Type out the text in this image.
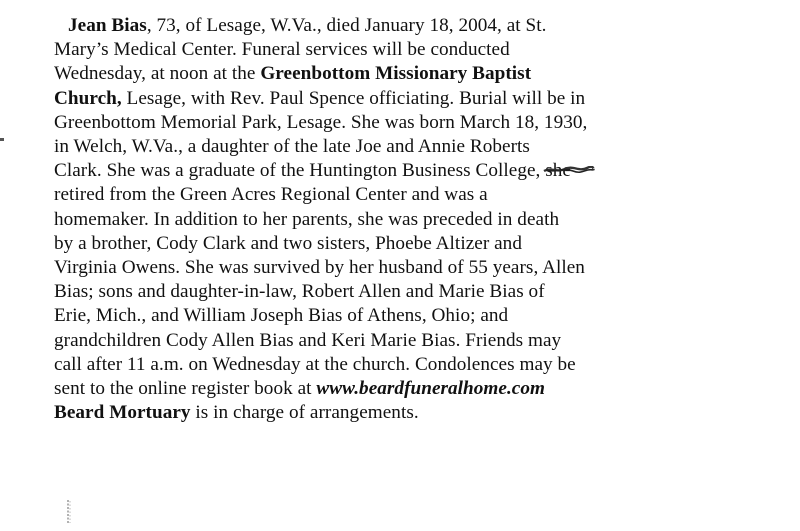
Jean Bias, 73, of Lesage, W.Va., died January 18, 2004, at St.
Mary’s Medical Center. Funeral services will be conducted
Wednesday, at noon at the Greenbottom Missionary Baptist
Church, Lesage, with Rev. Paul Spence officiating. Burial will be in
Greenbottom Memorial Park, Lesage. She was born March 18, 1930,
in Welch, W.Va., a daughter of the late Joe and Annie Roberts
Clark. She was a graduate of the Huntington Business College, she
retired from the Green Acres Regional Center and was a
homemaker. In addition to her parents, she was preceded in death
by a brother, Cody Clark and two sisters, Phoebe Altizer and
Virginia Owens. She was survived by her husband of 55 years, Allen
Bias; sons and daughter-in-law, Robert Allen and Marie Bias of
Erie, Mich., and William Joseph Bias of Athens, Ohio; and
grandchildren Cody Allen Bias and Keri Marie Bias. Friends may
call after 11 a.m. on Wednesday at the church. Condolences may be
sent to the online register book at www.beardfuneralhome.com
Beard Mortuary is in charge of arrangements.
